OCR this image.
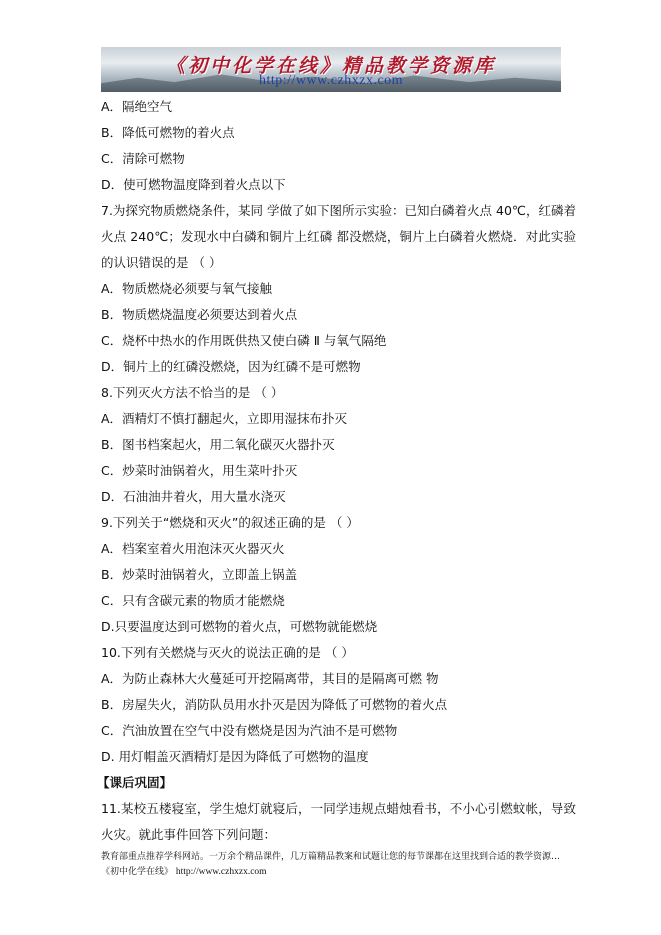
《初中化学在线》精品教学资源库
http://www.czhxzx.com
A．隔绝空气
B．降低可燃物的着火点
C．清除可燃物
D．使可燃物温度降到着火点以下
7.为探究物质燃烧条件，某同 学做了如下图所示实验：已知白磷着火点 40℃，红磷着火点 240℃；发现水中白磷和铜片上红磷 都没燃烧，铜片上白磷着火燃烧．对此实验的认识错误的是 （ ）
A．物质燃烧必须要与氧气接触
B．物质燃烧温度必须要达到着火点
C．烧杯中热水的作用既供热又使白磷 Ⅱ 与氧气隔绝
D．铜片上的红磷没燃烧，因为红磷不是可燃物
8.下列灭火方法不恰当的是 （ ）
A．酒精灯不慎打翻起火，立即用湿抹布扑灭
B．图书档案起火，用二氧化碳灭火器扑灭
C．炒菜时油锅着火，用生菜叶扑灭
D．石油油井着火，用大量水浇灭
9.下列关于“燃烧和灭火”的叙述正确的是 （ ）
A．档案室着火用泡沫灭火器灭火
B．炒菜时油锅着火，立即盖上锅盖
C．只有含碳元素的物质才能燃烧
D.只要温度达到可燃物的着火点，可燃物就能燃烧
10.下列有关燃烧与灭火的说法正确的是 （ ）
A．为防止森林大火蔓延可开挖隔离带，其目的是隔离可燃 物
B．房屋失火，消防队员用水扑灭是因为降低了可燃物的着火点
C．汽油放置在空气中没有燃烧是因为汽油不是可燃物
D. 用灯帽盖灭酒精灯是因为降低了可燃物的温度
【课后巩固】
11.某校五楼寝室，学生熄灯就寝后，一同学违规点蜡烛看书，不小心引燃蚊帐，导致火灾。就此事件回答下列问题：
教育部重点推荐学科网站。一万余个精品课件，几万篇精品教案和试题让您的每节课都在这里找到合适的教学资源…《初中化学在线》 http://www.czhxzx.com
